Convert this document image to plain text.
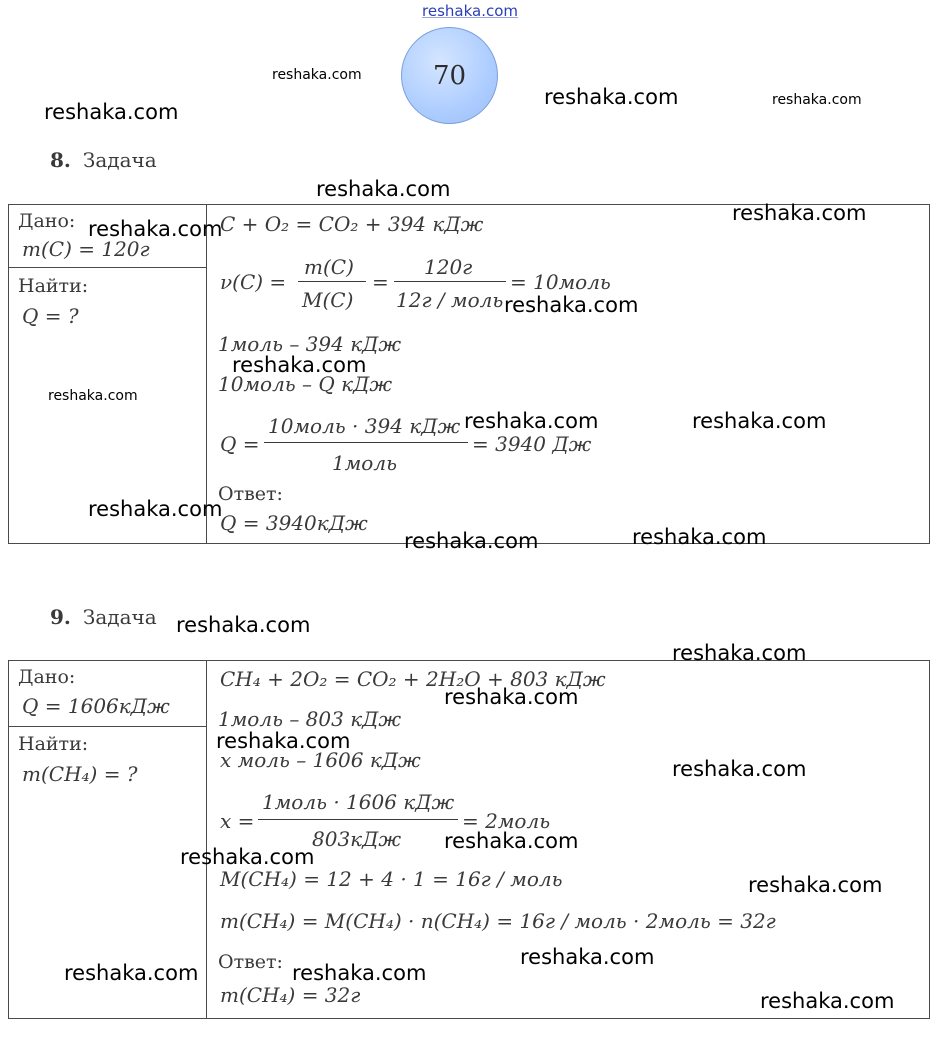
reshaka.com
70
reshaka.com
reshaka.com
reshaka.com	reshaka.com
8. Задача
Дано:
m(C) = 120г
Найти:
Q = ?
C + O₂ = CO₂ + 394 кДж
ν(C) =
m(C)
M(C)
=
120г
12г / моль
= 10моль
1моль – 394 кДж
10моль – Q кДж
Q =
10моль · 394 кДж
1моль
= 3940 Дж
Ответ:
Q = 3940кДж
reshaka.com
reshaka.com
reshaka.com
reshaka.com
reshaka.com
reshaka.com
reshaka.com	reshaka.com
reshaka.com
reshaka.com	reshaka.com
9. Задача
Дано:
Q = 1606кДж
Найти:
m(CH₄) = ?
CH₄ + 2O₂ = CO₂ + 2H₂O + 803 кДж
1моль – 803 кДж
x моль – 1606 кДж
x =
1моль · 1606 кДж
803кДж
= 2моль
M(CH₄) = 12 + 4 · 1 = 16г / моль
m(CH₄) = M(CH₄) · n(CH₄) = 16г / моль · 2моль = 32г
Ответ:
m(CH₄) = 32г
reshaka.com
reshaka.com
reshaka.com
reshaka.com
reshaka.com
reshaka.com
reshaka.com
reshaka.com
reshaka.com
reshaka.com	reshaka.com
reshaka.com
